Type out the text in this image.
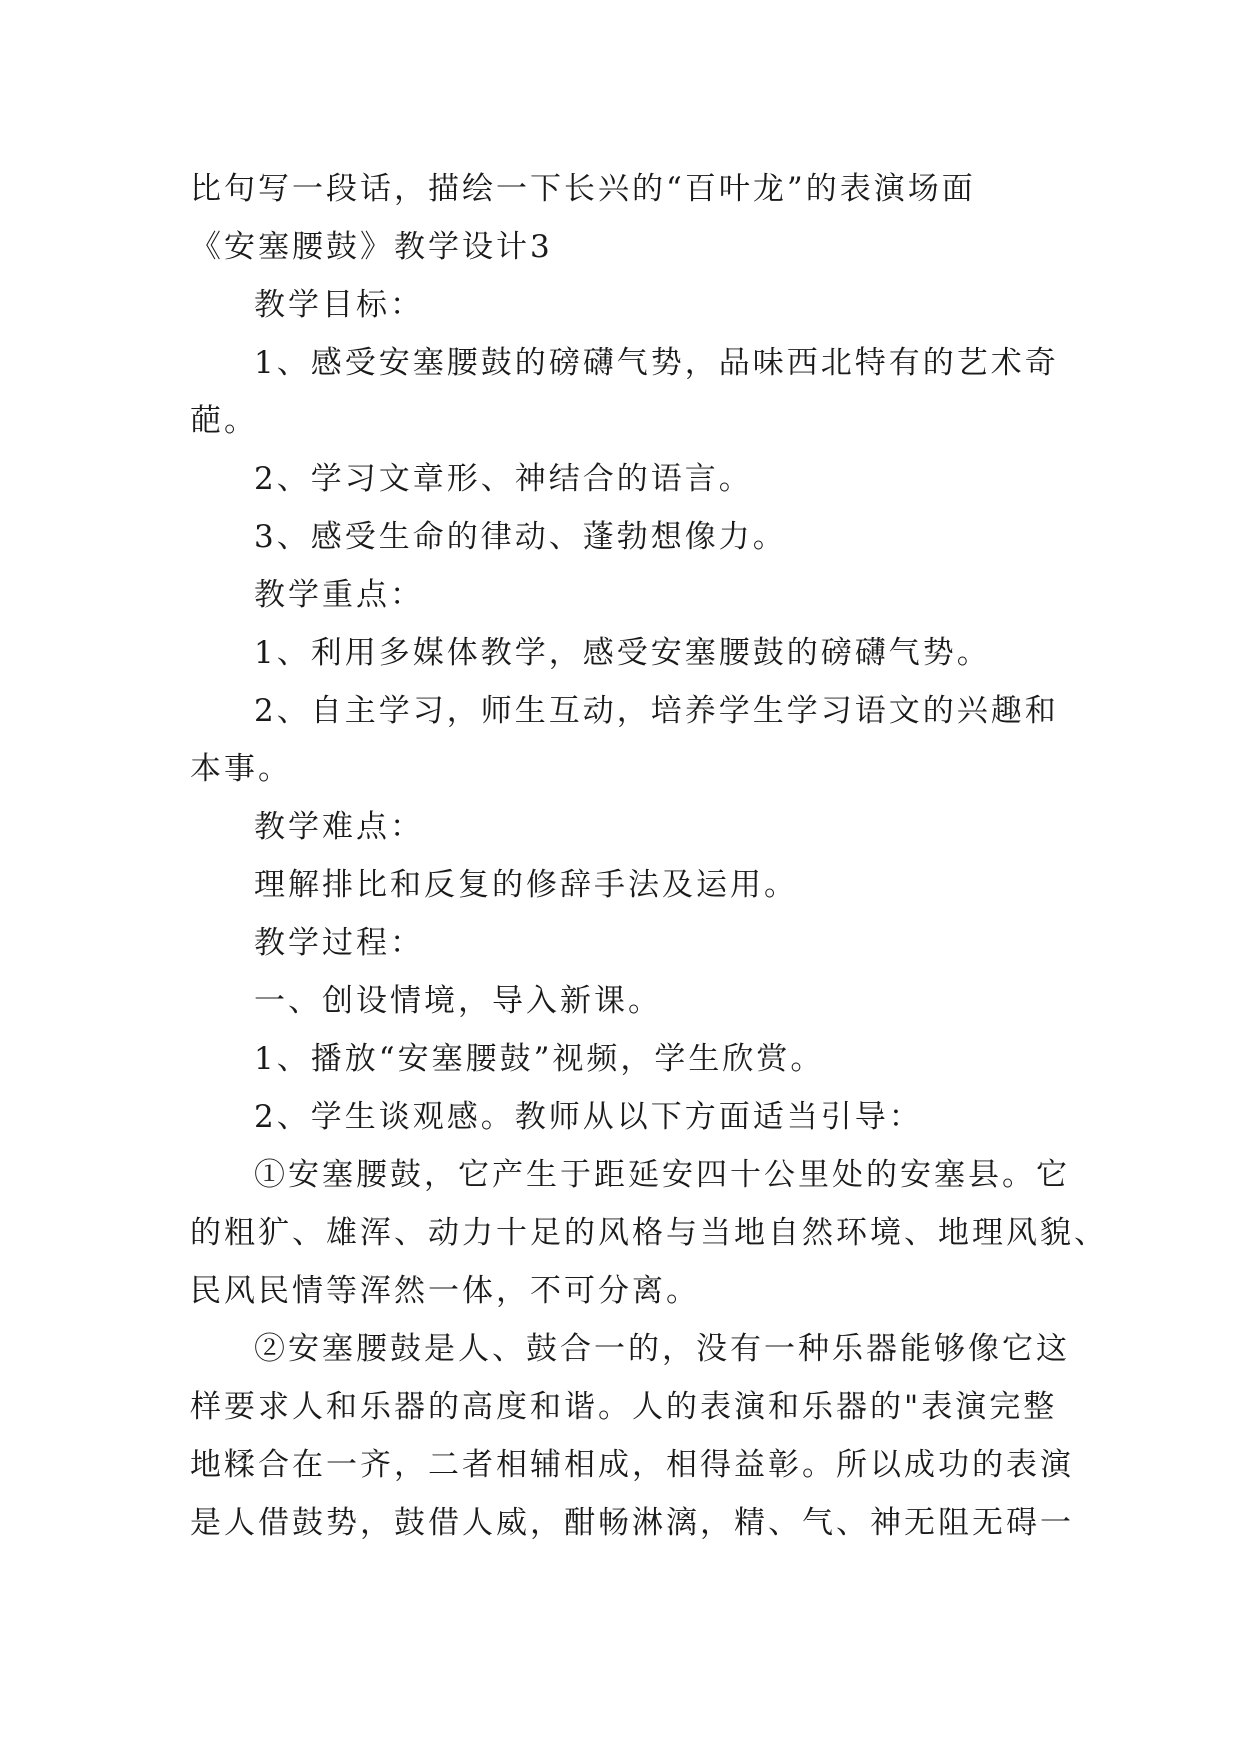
比句写一段话，描绘一下长兴的“百叶龙”的表演场面
《安塞腰鼓》教学设计3
教学目标：
1、感受安塞腰鼓的磅礴气势，品味西北特有的艺术奇
葩。
2、学习文章形、神结合的语言。
3、感受生命的律动、蓬勃想像力。
教学重点：
1、利用多媒体教学，感受安塞腰鼓的磅礴气势。
2、自主学习，师生互动，培养学生学习语文的兴趣和
本事。
教学难点：
理解排比和反复的修辞手法及运用。
教学过程：
一、创设情境，导入新课。
1、播放“安塞腰鼓”视频，学生欣赏。
2、学生谈观感。教师从以下方面适当引导：
①安塞腰鼓，它产生于距延安四十公里处的安塞县。它
的粗犷、雄浑、动力十足的风格与当地自然环境、地理风貌、
民风民情等浑然一体，不可分离。
②安塞腰鼓是人、鼓合一的，没有一种乐器能够像它这
样要求人和乐器的高度和谐。人的表演和乐器的"表演完整
地糅合在一齐，二者相辅相成，相得益彰。所以成功的表演
是人借鼓势，鼓借人威，酣畅淋漓，精、气、神无阻无碍一
